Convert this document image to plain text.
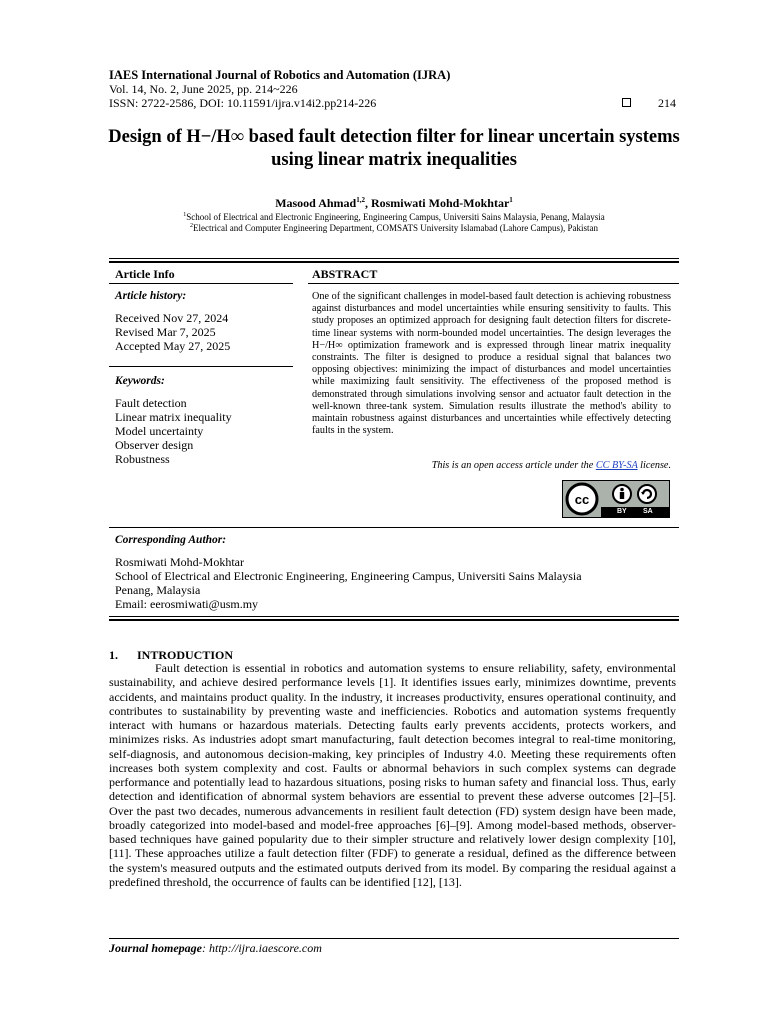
IAES International Journal of Robotics and Automation (IJRA)
Vol. 14, No. 2, June 2025, pp. 214~226
ISSN: 2722-2586, DOI: 10.11591/ijra.v14i2.pp214-226	214
Design of H−/H∞ based fault detection filter for linear uncertain systems using linear matrix inequalities
Masood Ahmad$^{1,2}$, Rosmiwati Mohd-Mokhtar$^1$
$^1$School of Electrical and Electronic Engineering, Engineering Campus, Universiti Sains Malaysia, Penang, Malaysia
$^2$Electrical and Computer Engineering Department, COMSATS University Islamabad (Lahore Campus), Pakistan
Article Info	ABSTRACT
Article history:
Received Nov 27, 2024
Revised Mar 7, 2025
Accepted May 27, 2025
Keywords:
Fault detection
Linear matrix inequality
Model uncertainty
Observer design
Robustness
One of the significant challenges in model-based fault detection is achieving robustness against disturbances and model uncertainties while ensuring sensitivity to faults. This study proposes an optimized approach for designing fault detection filters for discrete-time linear systems with norm-bounded model uncertainties. The design leverages the H−/H∞ optimization framework and is expressed through linear matrix inequality constraints. The filter is designed to produce a residual signal that balances two opposing objectives: minimizing the impact of disturbances and model uncertainties while maximizing fault sensitivity. The effectiveness of the proposed method is demonstrated through simulations involving sensor and actuator fault detection in the well-known three-tank system. Simulation results illustrate the method's ability to maintain robustness against disturbances and uncertainties while effectively detecting faults in the system.
This is an open access article under the CC BY-SA license.
cc
BY SA
Corresponding Author:
Rosmiwati Mohd-Mokhtar
School of Electrical and Electronic Engineering, Engineering Campus, Universiti Sains Malaysia
Penang, Malaysia
Email: eerosmiwati@usm.my
1. INTRODUCTION
Fault detection is essential in robotics and automation systems to ensure reliability, safety, environmental sustainability, and achieve desired performance levels [1]. It identifies issues early, minimizes downtime, prevents accidents, and maintains product quality. In the industry, it increases productivity, ensures operational continuity, and contributes to sustainability by preventing waste and inefficiencies. Robotics and automation systems frequently interact with humans or hazardous materials. Detecting faults early prevents accidents, protects workers, and minimizes risks. As industries adopt smart manufacturing, fault detection becomes integral to real-time monitoring, self-diagnosis, and autonomous decision-making, key principles of Industry 4.0. Meeting these requirements often increases both system complexity and cost. Faults or abnormal behaviors in such complex systems can degrade performance and potentially lead to hazardous situations, posing risks to human safety and financial loss. Thus, early detection and identification of abnormal system behaviors are essential to prevent these adverse outcomes [2]–[5]. Over the past two decades, numerous advancements in resilient fault detection (FD) system design have been made, broadly categorized into model-based and model-free approaches [6]–[9]. Among model-based methods, observer-based techniques have gained popularity due to their simpler structure and relatively lower design complexity [10], [11]. These approaches utilize a fault detection filter (FDF) to generate a residual, defined as the difference between the system's measured outputs and the estimated outputs derived from its model. By comparing the residual against a predefined threshold, the occurrence of faults can be identified [12], [13].
Journal homepage: http://ijra.iaescore.com
